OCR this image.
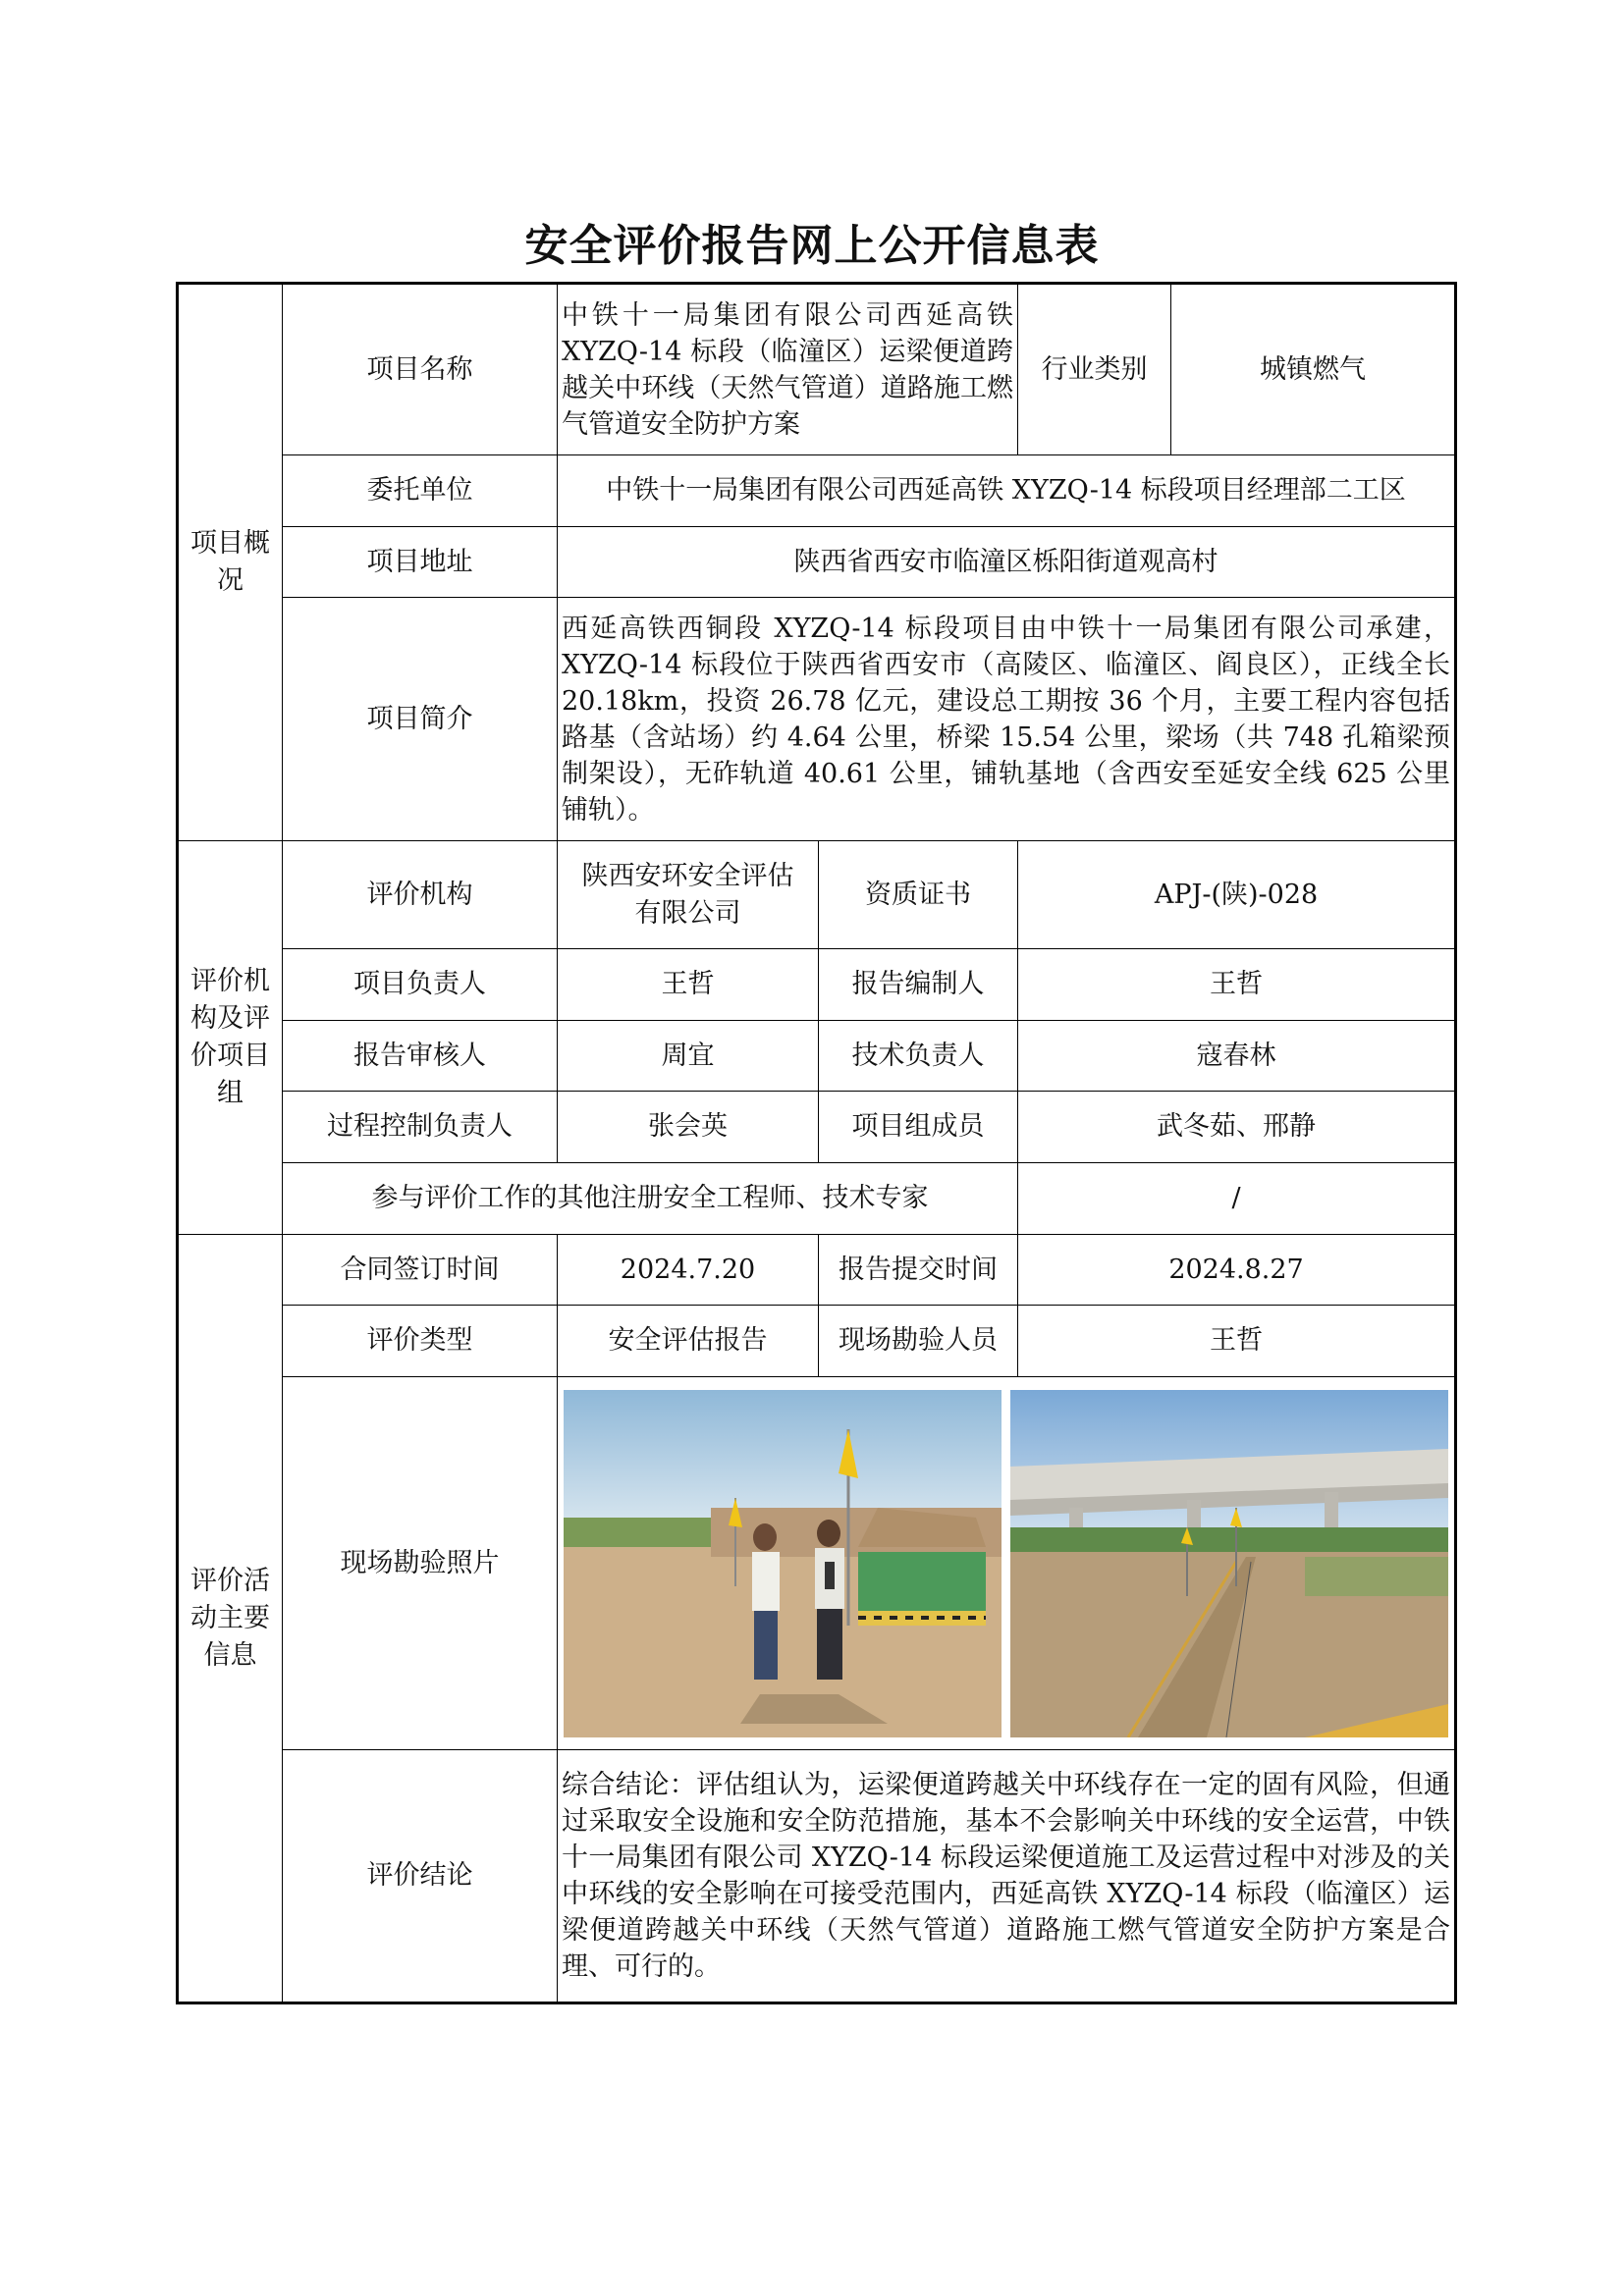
安全评价报告网上公开信息表
项目概况	项目名称	中铁十一局集团有限公司西延高铁XYZQ-14 标段（临潼区）运梁便道跨越关中环线（天然气管道）道路施工燃气管道安全防护方案		行业类别	城镇燃气
	委托单位	中铁十一局集团有限公司西延高铁 XYZQ-14 标段项目经理部二工区			
	项目地址	陕西省西安市临潼区栎阳街道观高村			
	项目简介	西延高铁西铜段 XYZQ-14 标段项目由中铁十一局集团有限公司承建，XYZQ-14 标段位于陕西省西安市（高陵区、临潼区、阎良区），正线全长 20.18km，投资 26.78 亿元，建设总工期按 36 个月，主要工程内容包括路基（含站场）约 4.64 公里，桥梁 15.54 公里，梁场（共 748 孔箱梁预制架设），无砟轨道 40.61 公里，铺轨基地（含西安至延安全线 625 公里铺轨）。			
评价机构及评价项目组	评价机构	陕西安环安全评估有限公司	资质证书	APJ-(陕)-028	
	项目负责人	王哲	报告编制人	王哲	
	报告审核人	周宜	技术负责人	寇春林	
	过程控制负责人	张会英	项目组成员	武冬茹、邢静	
	参与评价工作的其他注册安全工程师、技术专家			/	
评价活动主要信息	合同签订时间	2024.7.20	报告提交时间	2024.8.27	
	评价类型	安全评估报告	现场勘验人员	王哲	
	现场勘验照片	

	评价结论	综合结论：评估组认为，运梁便道跨越关中环线存在一定的固有风险，但通过采取安全设施和安全防范措施，基本不会影响关中环线的安全运营，中铁十一局集团有限公司 XYZQ-14 标段运梁便道施工及运营过程中对涉及的关中环线的安全影响在可接受范围内，西延高铁 XYZQ-14 标段（临潼区）运梁便道跨越关中环线（天然气管道）道路施工燃气管道安全防护方案是合理、可行的。			
